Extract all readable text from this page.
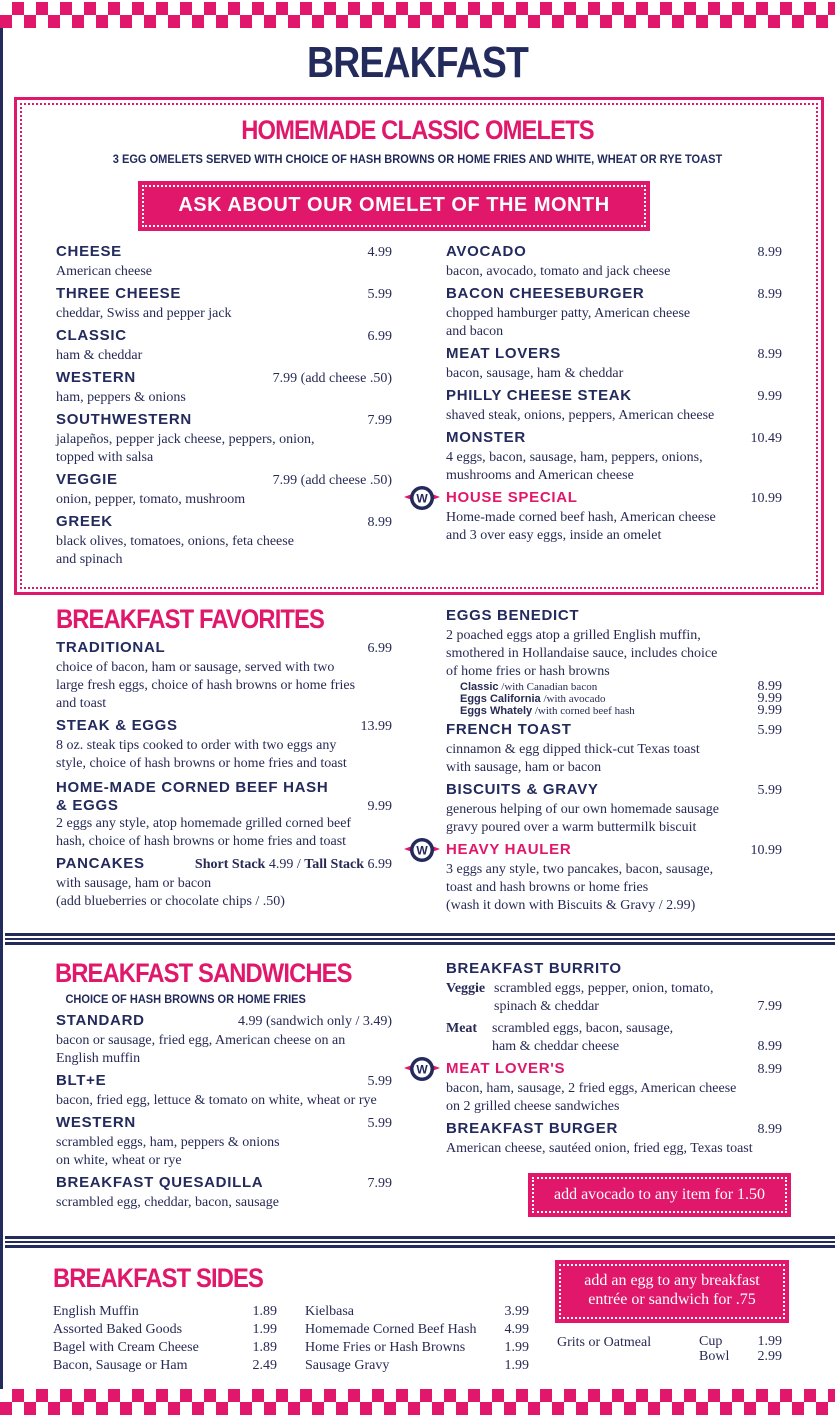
BREAKFAST
HOMEMADE CLASSIC OMELETS
3 EGG OMELETS SERVED WITH CHOICE OF HASH BROWNS OR HOME FRIES AND WHITE, WHEAT OR RYE TOAST
ASK ABOUT OUR OMELET OF THE MONTH
CHEESE	4.99
American cheese
THREE CHEESE	5.99
cheddar, Swiss and pepper jack
CLASSIC	6.99
ham & cheddar
WESTERN	7.99 (add cheese .50)
ham, peppers & onions
SOUTHWESTERN	7.99
jalapeños, pepper jack cheese, peppers, onion,
topped with salsa
VEGGIE	7.99 (add cheese .50)
onion, pepper, tomato, mushroom
GREEK	8.99
black olives, tomatoes, onions, feta cheese
and spinach
AVOCADO	8.99
bacon, avocado, tomato and jack cheese
BACON CHEESEBURGER	8.99
chopped hamburger patty, American cheese
and bacon
MEAT LOVERS	8.99
bacon, sausage, ham & cheddar
PHILLY CHEESE STEAK	9.99
shaved steak, onions, peppers, American cheese
MONSTER	10.49
4 eggs, bacon, sausage, ham, peppers, onions,
mushrooms and American cheese
W HOUSE SPECIAL	10.99
Home-made corned beef hash, American cheese
and 3 over easy eggs, inside an omelet
BREAKFAST FAVORITES
TRADITIONAL	6.99
choice of bacon, ham or sausage, served with two
large fresh eggs, choice of hash browns or home fries
and toast
STEAK & EGGS	13.99
8 oz. steak tips cooked to order with two eggs any
style, choice of hash browns or home fries and toast
HOME-MADE CORNED BEEF HASH
& EGGS	9.99
2 eggs any style, atop homemade grilled corned beef
hash, choice of hash browns or home fries and toast
PANCAKES	Short Stack 4.99 / Tall Stack 6.99
with sausage, ham or bacon
(add blueberries or chocolate chips / .50)
EGGS BENEDICT
2 poached eggs atop a grilled English muffin,
smothered in Hollandaise sauce, includes choice
of home fries or hash browns
Classic /with Canadian bacon	8.99
Eggs California /with avocado	9.99
Eggs Whately /with corned beef hash	9.99
FRENCH TOAST	5.99
cinnamon & egg dipped thick-cut Texas toast
with sausage, ham or bacon
BISCUITS & GRAVY	5.99
generous helping of our own homemade sausage
gravy poured over a warm buttermilk biscuit
W HEAVY HAULER	10.99
3 eggs any style, two pancakes, bacon, sausage,
toast and hash browns or home fries
(wash it down with Biscuits & Gravy / 2.99)
BREAKFAST SANDWICHES
CHOICE OF HASH BROWNS OR HOME FRIES
STANDARD	4.99 (sandwich only / 3.49)
bacon or sausage, fried egg, American cheese on an
English muffin
BLT+E	5.99
bacon, fried egg, lettuce & tomato on white, wheat or rye
WESTERN	5.99
scrambled eggs, ham, peppers & onions
on white, wheat or rye
BREAKFAST QUESADILLA	7.99
scrambled egg, cheddar, bacon, sausage
BREAKFAST BURRITO
Veggie scrambled eggs, pepper, onion, tomato,
spinach & cheddar	7.99
Meat	scrambled eggs, bacon, sausage,
ham & cheddar cheese	8.99
W MEAT LOVER'S	8.99
bacon, ham, sausage, 2 fried eggs, American cheese
on 2 grilled cheese sandwiches
BREAKFAST BURGER	8.99
American cheese, sautéed onion, fried egg, Texas toast
add avocado to any item for 1.50
BREAKFAST SIDES
English Muffin	1.89
Assorted Baked Goods	1.99
Bagel with Cream Cheese	1.89
Bacon, Sausage or Ham	2.49
Kielbasa	3.99
Homemade Corned Beef Hash 4.99
Home Fries or Hash Browns	1.99
Sausage Gravy	1.99
add an egg to any breakfast
entrée or sandwich for .75
Grits or Oatmeal	Cup	1.99
Bowl 2.99
